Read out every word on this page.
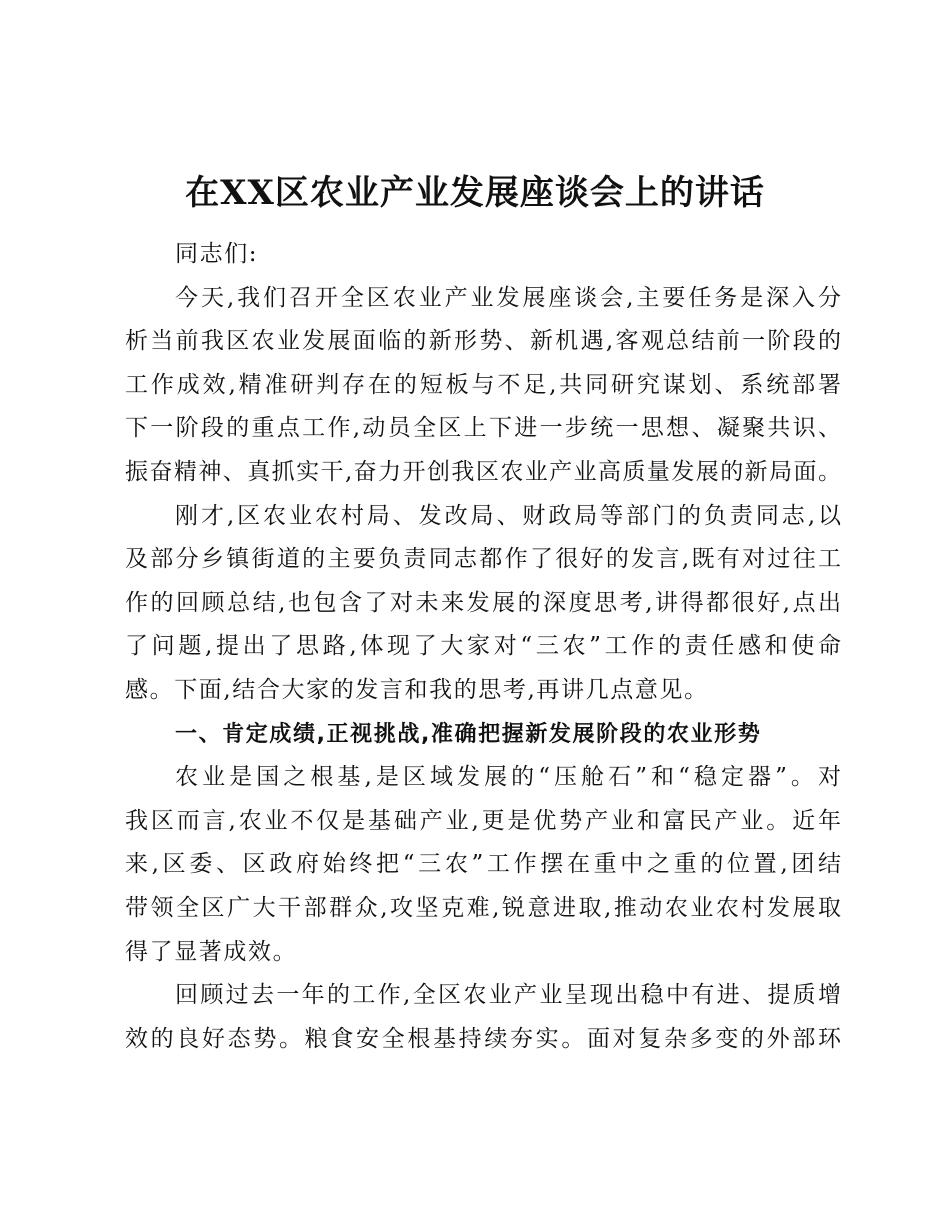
在XX区农业产业发展座谈会上的讲话
同志们:
今天,我们召开全区农业产业发展座谈会,主要任务是深入分
析当前我区农业发展面临的新形势、新机遇,客观总结前一阶段的
工作成效,精准研判存在的短板与不足,共同研究谋划、系统部署
下一阶段的重点工作,动员全区上下进一步统一思想、凝聚共识、
振奋精神、真抓实干,奋力开创我区农业产业高质量发展的新局面。
刚才,区农业农村局、发改局、财政局等部门的负责同志,以
及部分乡镇街道的主要负责同志都作了很好的发言,既有对过往工
作的回顾总结,也包含了对未来发展的深度思考,讲得都很好,点出
了问题,提出了思路,体现了大家对“三农”工作的责任感和使命
感。下面,结合大家的发言和我的思考,再讲几点意见。
一、肯定成绩,正视挑战,准确把握新发展阶段的农业形势
农业是国之根基,是区域发展的“压舱石”和“稳定器”。对
我区而言,农业不仅是基础产业,更是优势产业和富民产业。近年
来,区委、区政府始终把“三农”工作摆在重中之重的位置,团结
带领全区广大干部群众,攻坚克难,锐意进取,推动农业农村发展取
得了显著成效。
回顾过去一年的工作,全区农业产业呈现出稳中有进、提质增
效的良好态势。粮食安全根基持续夯实。面对复杂多变的外部环
